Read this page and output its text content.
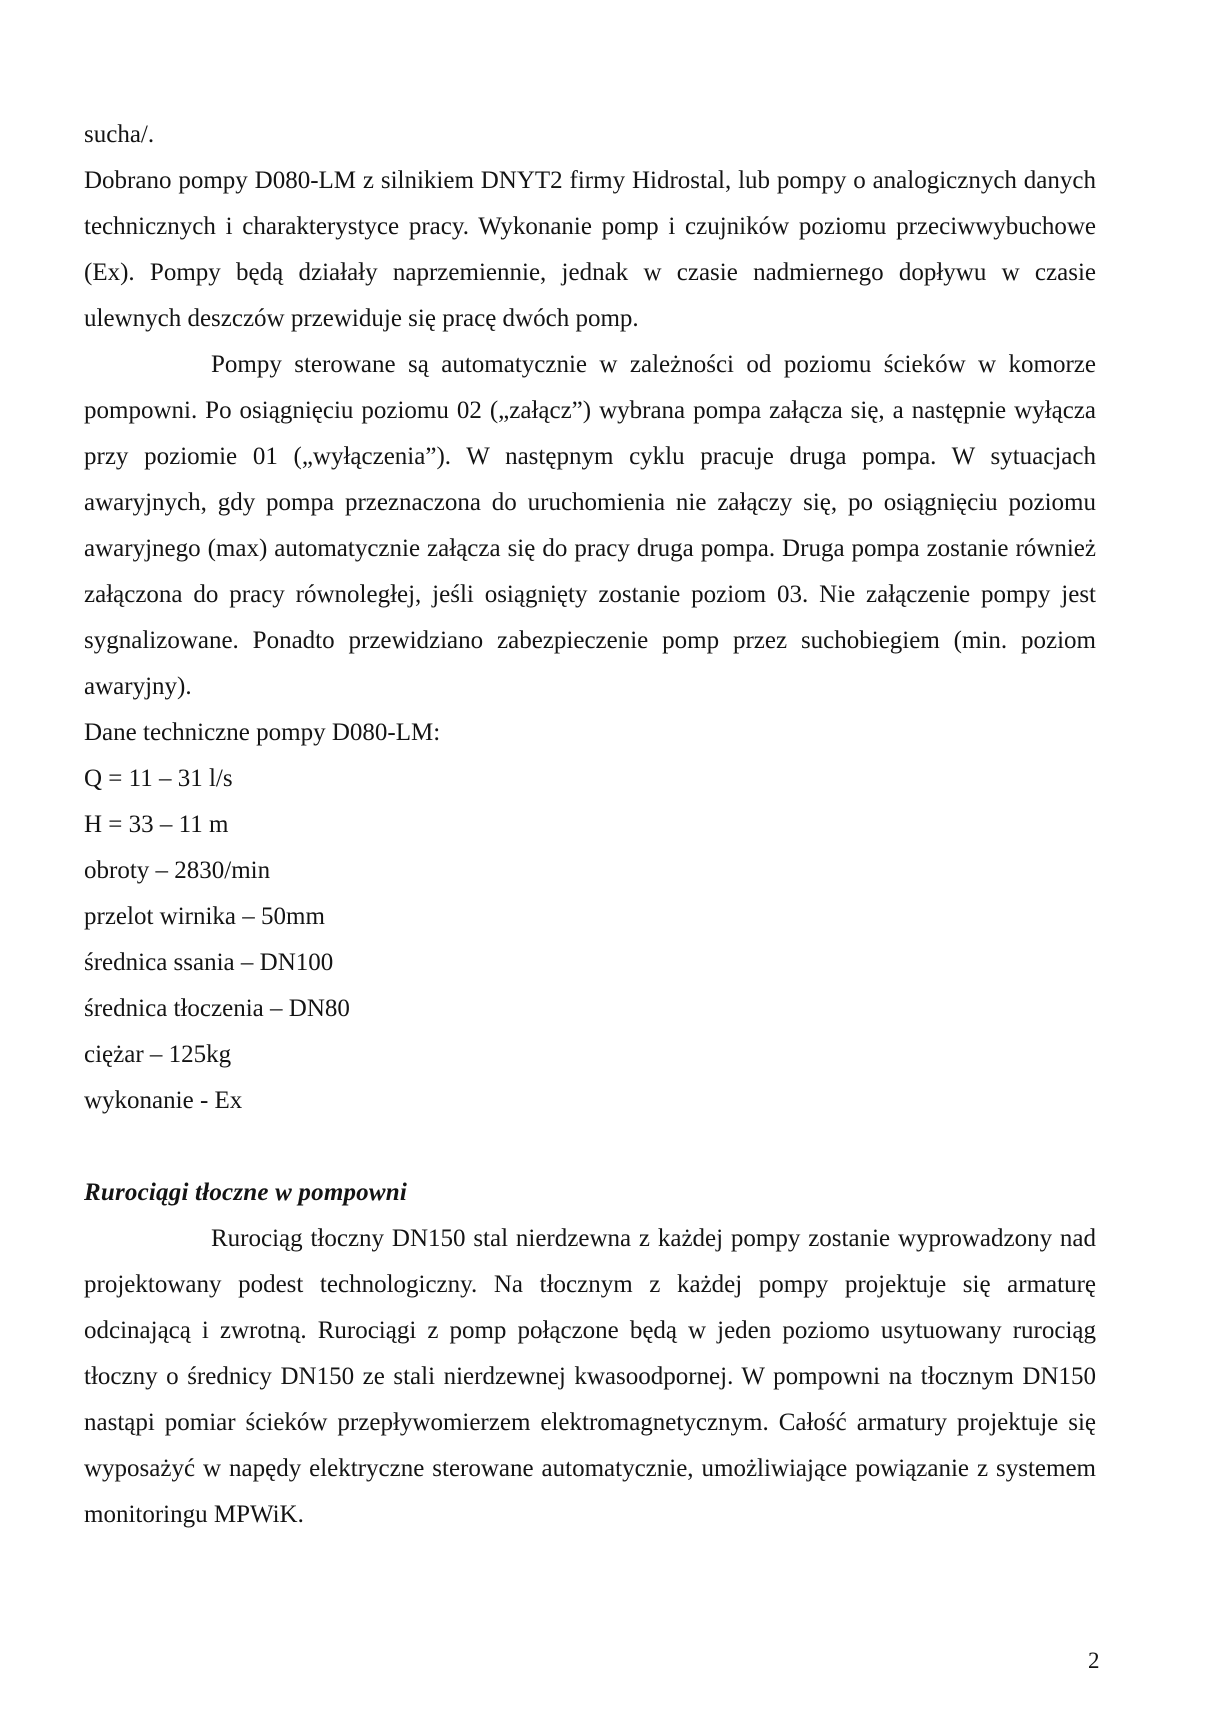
sucha/.

Dobrano pompy D080-LM z silnikiem DNYT2 firmy Hidrostal, lub pompy o analogicznych danych technicznych i charakterystyce pracy. Wykonanie pomp i czujników poziomu przeciwwybuchowe (Ex). Pompy będą działały naprzemiennie, jednak w czasie nadmiernego dopływu w czasie ulewnych deszczów przewiduje się pracę dwóch pomp.

Pompy sterowane są automatycznie w zależności od poziomu ścieków w komorze pompowni. Po osiągnięciu poziomu 02 („załącz”) wybrana pompa załącza się, a następnie wyłącza przy poziomie 01 („wyłączenia”). W następnym cyklu pracuje druga pompa. W sytuacjach awaryjnych, gdy pompa przeznaczona do uruchomienia nie załączy się, po osiągnięciu poziomu awaryjnego (max) automatycznie załącza się do pracy druga pompa. Druga pompa zostanie również załączona do pracy równoległej, jeśli osiągnięty zostanie poziom 03. Nie załączenie pompy jest sygnalizowane. Ponadto przewidziano zabezpieczenie pomp przez suchobiegiem (min. poziom awaryjny).

Dane techniczne pompy D080-LM:

Q = 11 – 31 l/s
H = 33 – 11 m
obroty – 2830/min
przelot wirnika – 50mm
średnica ssania – DN100
średnica tłoczenia – DN80
ciężar – 125kg
wykonanie - Ex

Rurociągi tłoczne w pompowni

Rurociąg tłoczny DN150 stal nierdzewna z każdej pompy zostanie wyprowadzony nad projektowany podest technologiczny. Na tłocznym z każdej pompy projektuje się armaturę odcinającą i zwrotną. Rurociągi z pomp połączone będą w jeden poziomo usytuowany rurociąg tłoczny o średnicy DN150 ze stali nierdzewnej kwasoodpornej. W pompowni na tłocznym DN150 nastąpi pomiar ścieków przepływomierzem elektromagnetycznym. Całość armatury projektuje się wyposażyć w napędy elektryczne sterowane automatycznie, umożliwiające powiązanie z systemem monitoringu MPWiK.

2
